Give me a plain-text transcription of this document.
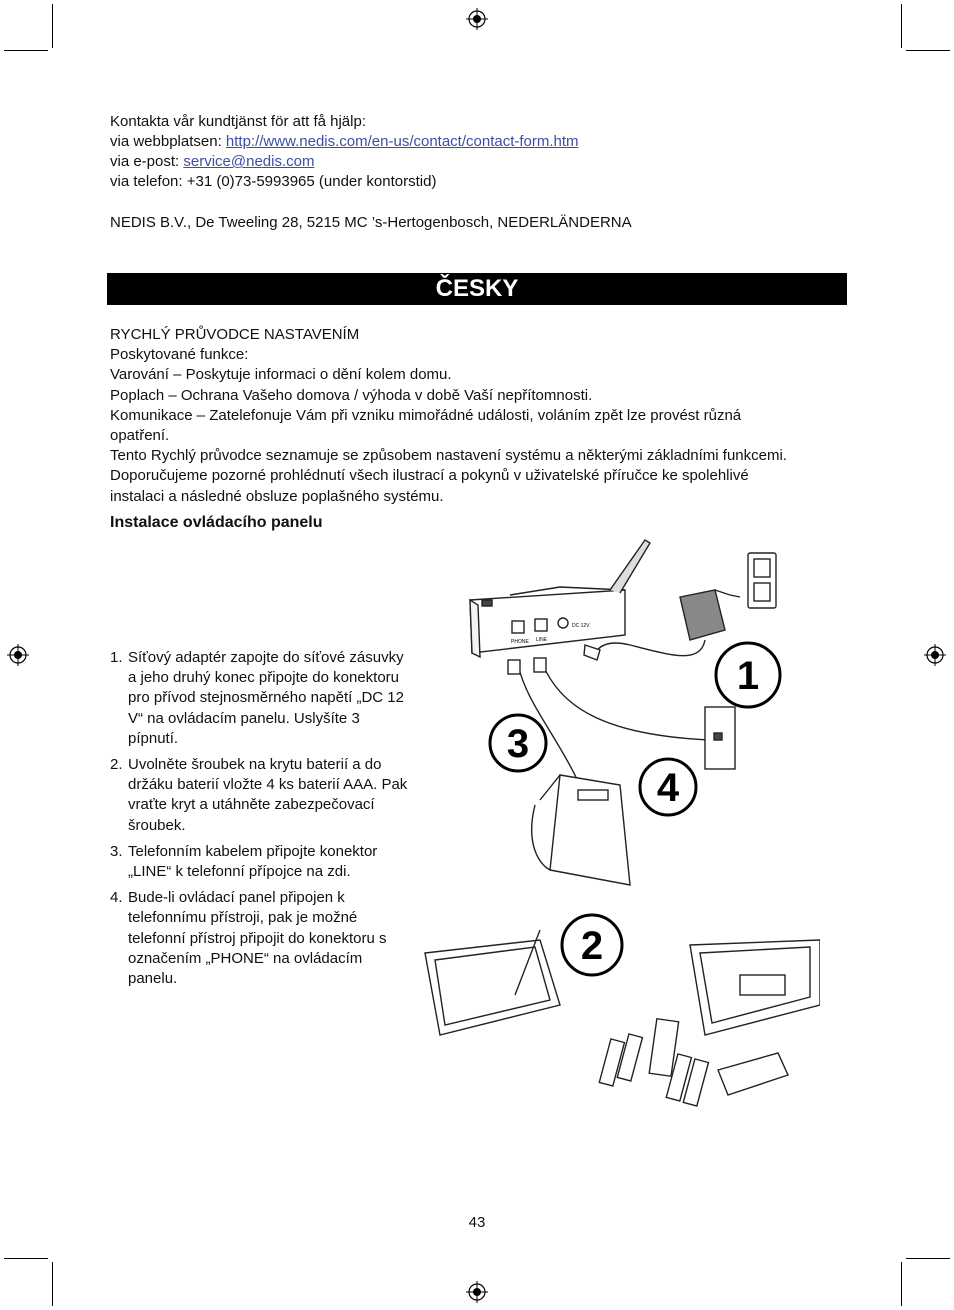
Kontakta vår kundtjänst för att få hjälp:
via webbplatsen: http://www.nedis.com/en-us/contact/contact-form.htm
via e-post: service@nedis.com
via telefon: +31 (0)73-5993965 (under kontorstid)
NEDIS B.V., De Tweeling 28, 5215 MC ’s-Hertogenbosch, NEDERLÄNDERNA
ČESKY
RYCHLÝ PRŮVODCE NASTAVENÍM
Poskytované funkce:
Varování – Poskytuje informaci o dění kolem domu.
Poplach – Ochrana Vašeho domova / výhoda v době Vaší nepřítomnosti.
Komunikace – Zatelefonuje Vám při vzniku mimořádné události, voláním zpět lze provést různá
opatření.
Tento Rychlý průvodce seznamuje se způsobem nastavení systému a některými základními funkcemi.
Doporučujeme pozorné prohlédnutí všech ilustrací a pokynů v uživatelské příručce ke spolehlivé
instalaci a následné obsluze poplašného systému.
Instalace ovládacího panelu
1. Síťový adaptér zapojte do síťové zásuvky a jeho druhý konec připojte do konektoru pro přívod stejnosměrného napětí „DC 12 V“ na ovládacím panelu. Uslyšíte 3 pípnutí.
2. Uvolněte šroubek na krytu baterií a do držáku baterií vložte 4 ks baterií AAA. Pak vraťte kryt a utáhněte zabezpečovací šroubek.
3. Telefonním kabelem připojte konektor „LINE“ k telefonní přípojce na zdi.
4. Bude-li ovládací panel připojen k telefonnímu přístroji, pak je možné telefonní přístroj připojit do konektoru s označením „PHONE“ na ovládacím panelu.
1
3
4
2
PHONE LINE
DC 12V
43
